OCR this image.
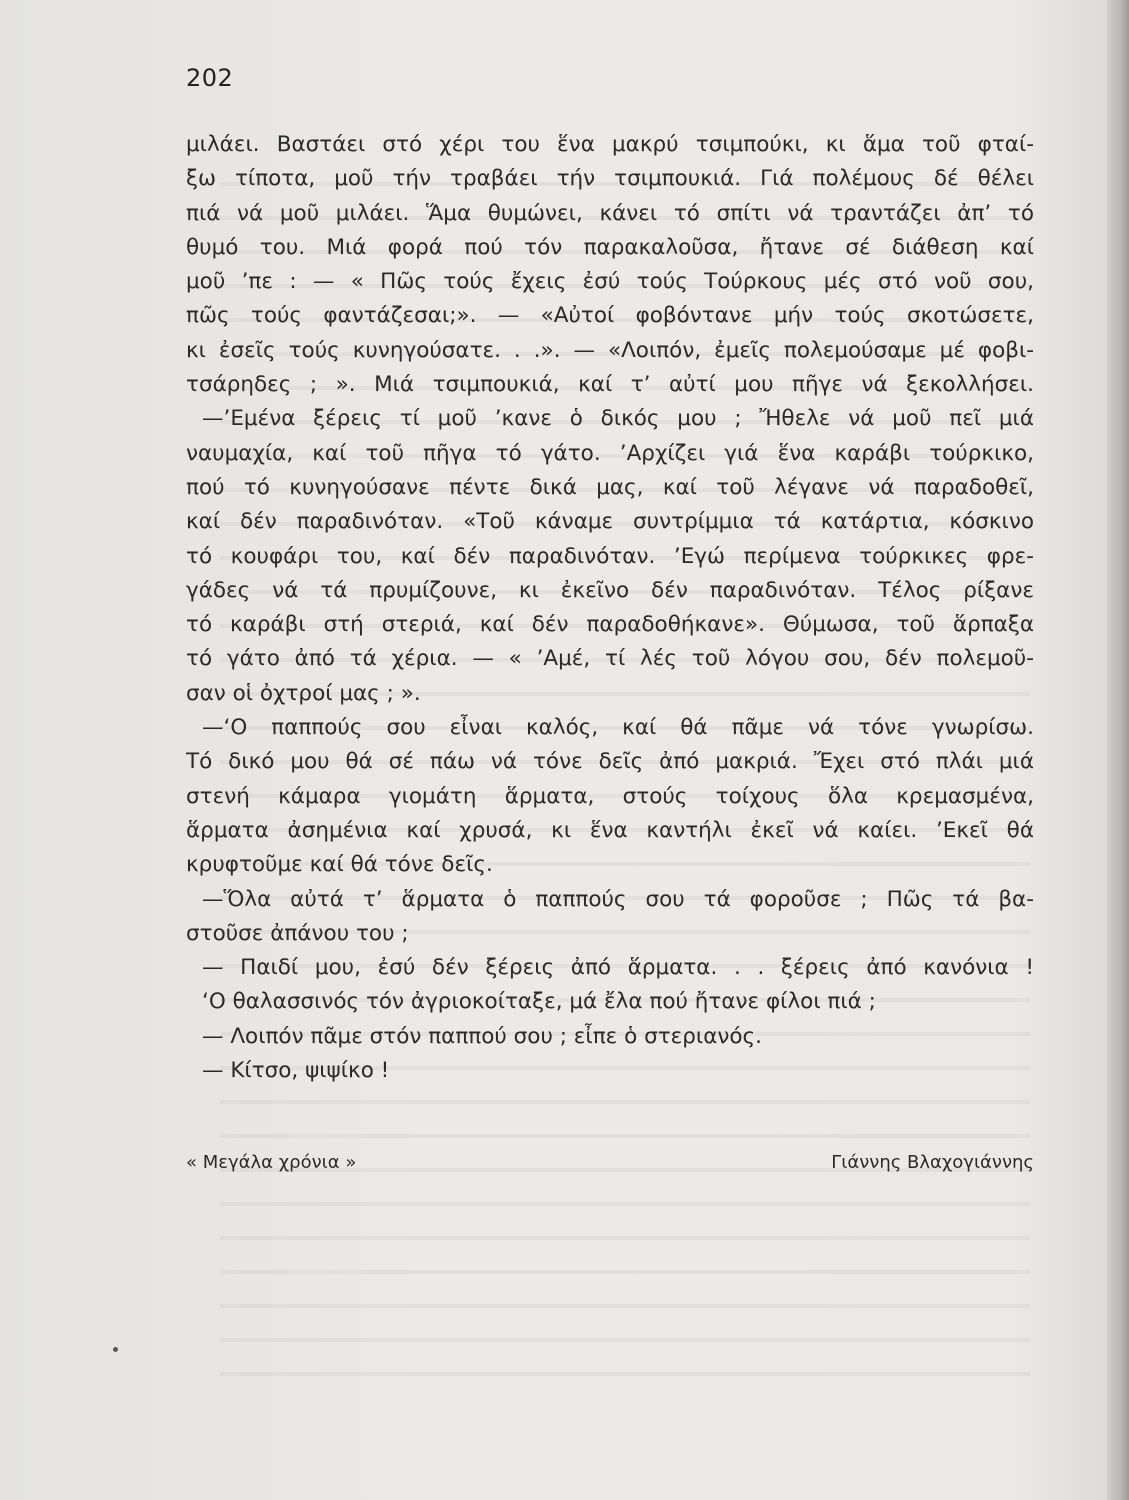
202
μιλάει. Βαστάει στό χέρι του ἕνα μακρύ τσιμπούκι, κι ἅμα τοῦ φταί-
ξω τίποτα, μοῦ τήν τραβάει τήν τσιμπουκιά. Γιά πολέμους δέ θέλει
πιά νά μοῦ μιλάει. Ἅμα θυμώνει, κάνει τό σπίτι νά τραντάζει ἀπ’ τό
θυμό του. Μιά φορά πού τόν παρακαλοῦσα, ἤτανε σέ διάθεση καί
μοῦ ’πε : — « Πῶς τούς ἔχεις ἐσύ τούς Τούρκους μές στό νοῦ σου,
πῶς τούς φαντάζεσαι;». — «Αὐτοί φοβόντανε μήν τούς σκοτώσετε,
κι ἐσεῖς τούς κυνηγούσατε. . .». — «Λοιπόν, ἐμεῖς πολεμούσαμε μέ φοβι-
τσάρηδες ; ». Μιά τσιμπουκιά, καί τ’ αὐτί μου πῆγε νά ξεκολλήσει.
—’Εμένα ξέρεις τί μοῦ ’κανε ὁ δικός μου ; Ἤθελε νά μοῦ πεῖ μιά
ναυμαχία, καί τοῦ πῆγα τό γάτο. ’Αρχίζει γιά ἕνα καράβι τούρκικο,
πού τό κυνηγούσανε πέντε δικά μας, καί τοῦ λέγανε νά παραδοθεῖ,
καί δέν παραδινόταν. «Τοῦ κάναμε συντρίμμια τά κατάρτια, κόσκινο
τό κουφάρι του, καί δέν παραδινόταν. ’Εγώ περίμενα τούρκικες φρε-
γάδες νά τά πρυμίζουνε, κι ἐκεῖνο δέν παραδινόταν. Τέλος ρίξανε
τό καράβι στή στεριά, καί δέν παραδοθήκανε». Θύμωσα, τοῦ ἅρπαξα
τό γάτο ἀπό τά χέρια. — « ’Αμέ, τί λές τοῦ λόγου σου, δέν πολεμοῦ-
σαν οἱ ὀχτροί μας ; ».
—‘Ο παππούς σου εἶναι καλός, καί θά πᾶμε νά τόνε γνωρίσω.
Τό δικό μου θά σέ πάω νά τόνε δεῖς ἀπό μακριά. Ἔχει στό πλάι μιά
στενή κάμαρα γιομάτη ἅρματα, στούς τοίχους ὅλα κρεμασμένα,
ἅρματα ἀσημένια καί χρυσά, κι ἕνα καντήλι ἐκεῖ νά καίει. ’Εκεῖ θά
κρυφτοῦμε καί θά τόνε δεῖς.
—Ὅλα αὐτά τ’ ἅρματα ὁ παππούς σου τά φοροῦσε ; Πῶς τά βα-
στοῦσε ἀπάνου του ;
— Παιδί μου, ἐσύ δέν ξέρεις ἀπό ἅρματα. . . ξέρεις ἀπό κανόνια !
‘Ο θαλασσινός τόν ἀγριοκοίταξε, μά ἔλα πού ἤτανε φίλοι πιά ;
— Λοιπόν πᾶμε στόν παππού σου ; εἶπε ὁ στεριανός.
— Κίτσο, ψιψίκο !
« Μεγάλα χρόνια »	Γιάννης Βλαχογιάννης
